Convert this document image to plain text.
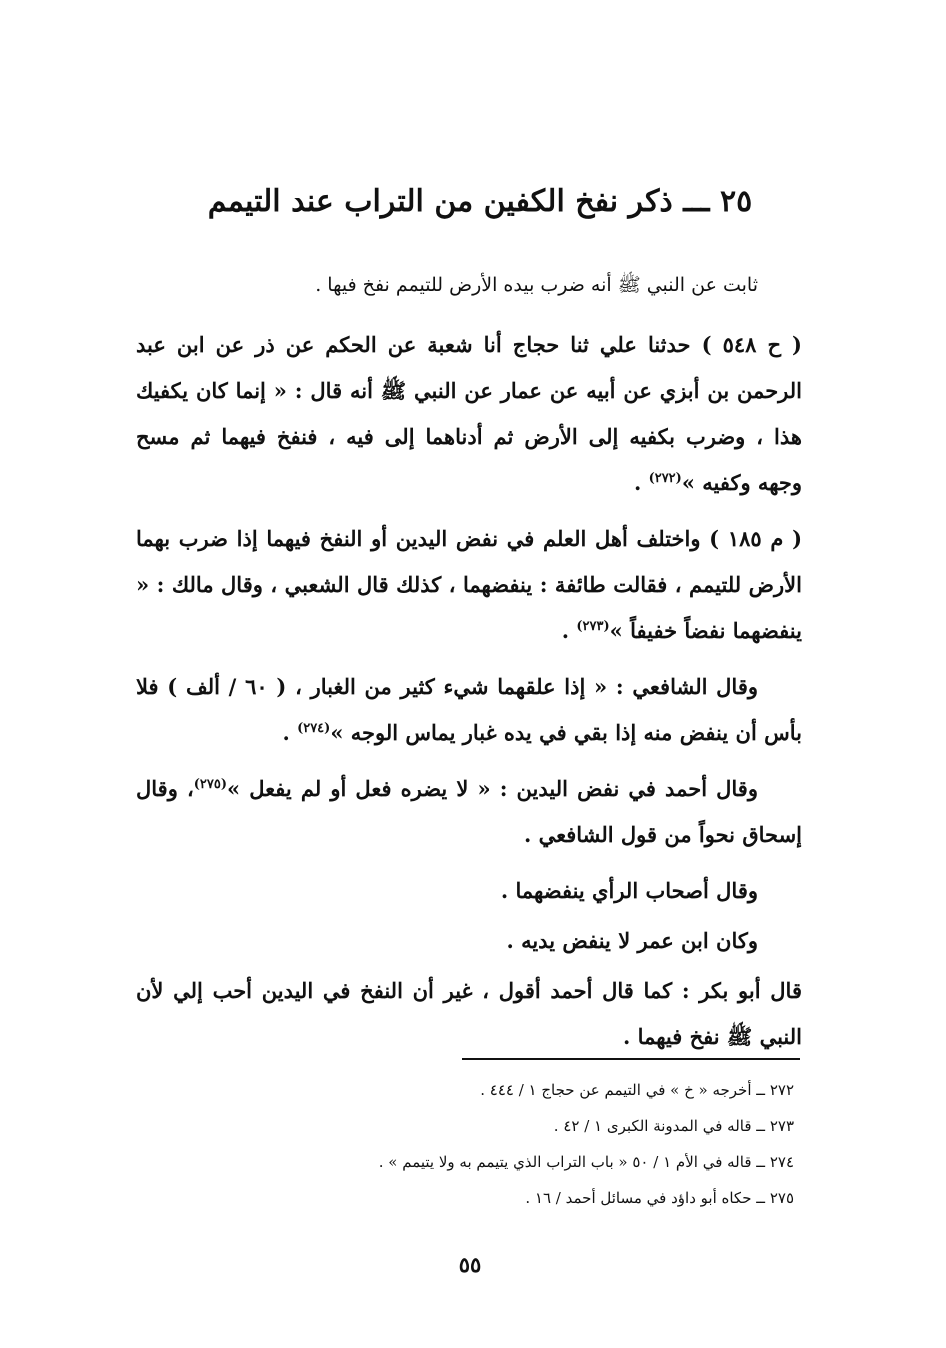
٢٥ ـــ ذكر نفخ الكفين من التراب عند التيمم

ثابت عن النبي ﷺ أنه ضرب بيده الأرض للتيمم نفخ فيها .

( ح ٥٤٨ ) حدثنا علي ثنا حجاج أنا شعبة عن الحكم عن ذر عن ابن عبد الرحمن بن أبزي عن أبيه عن عمار عن النبي ﷺ أنه قال : « إنما كان يكفيك هذا ، وضرب بكفيه إلى الأرض ثم أدناهما إلى فيه ، فنفخ فيهما ثم مسح وجهه وكفيه »$^{(٢٧٢)}$ .

( م ١٨٥ ) واختلف أهل العلم في نفض اليدين أو النفخ فيهما إذا ضرب بهما الأرض للتيمم ، فقالت طائفة : ينفضهما ، كذلك قال الشعبي ، وقال مالك : « ينفضهما نفضاً خفيفاً »$^{(٢٧٣)}$ .

وقال الشافعي : « إذا علقهما شيء كثير من الغبار ، ( ٦٠ / ألف ) فلا بأس أن ينفض منه إذا بقي في يده غبار يماس الوجه »$^{(٢٧٤)}$ .

وقال أحمد في نفض اليدين : « لا يضره فعل أو لم يفعل »$^{(٢٧٥)}$، وقال إسحاق نحواً من قول الشافعي .

وقال أصحاب الرأي ينفضهما .

وكان ابن عمر لا ينفض يديه .

قال أبو بكر : كما قال أحمد أقول ، غير أن النفخ في اليدين أحب إلي لأن النبي ﷺ نفخ فيهما .

٢٧٢ ــ أخرجه « خ » في التيمم عن حجاج ١ / ٤٤٤ .
٢٧٣ ــ قاله في المدونة الكبرى ١ / ٤٢ .
٢٧٤ ــ قاله في الأم ١ / ٥٠ « باب التراب الذي يتيمم به ولا يتيمم » .
٢٧٥ ــ حكاه أبو داؤد في مسائل أحمد / ١٦ .
٥٥
